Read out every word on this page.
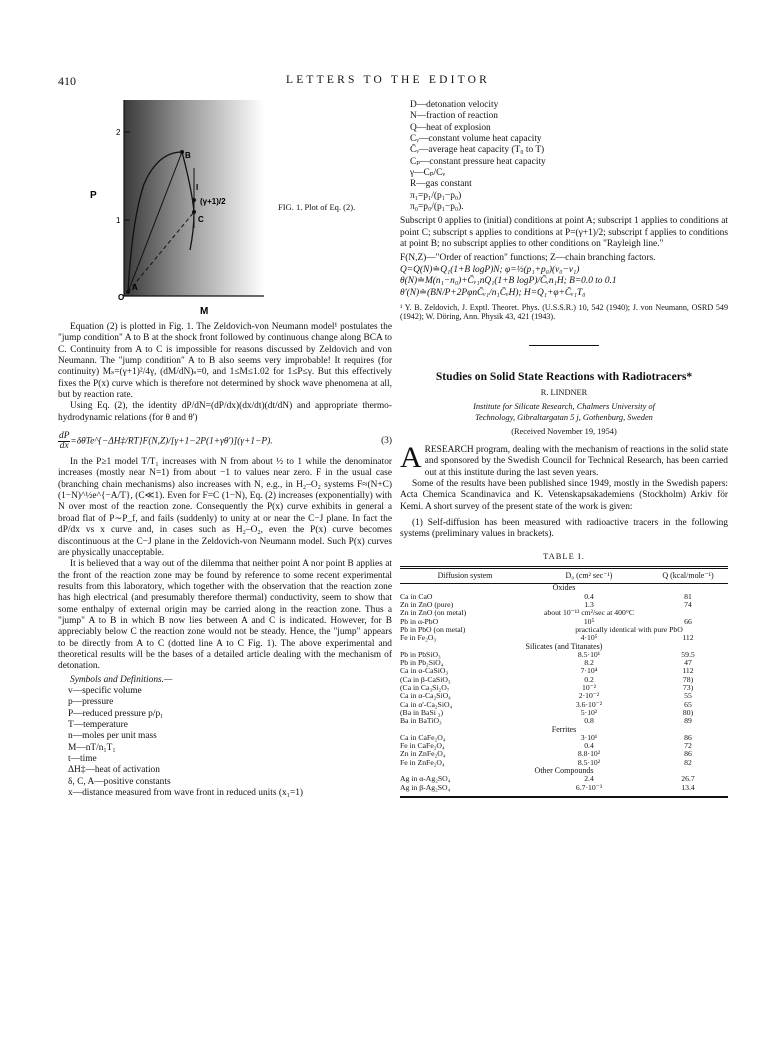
410	LETTERS TO THE EDITOR
P
M
2
1
B
C
A
O
I
(γ+1)/2
FIG. 1. Plot of Eq. (2).

Equation (2) is plotted in Fig. 1. The Zeldovich-von Neumann model¹ postulates the "jump condition" A to B at the shock front followed by continuous change along BCA to C. Continuity from A to C is impossible for reasons discussed by Zeldovich and von Neumann. The "jump condition" A to B also seems very improbable! It requires (for continuity) Mₛ=(γ+1)²/4γ, (dM/dN)ₛ=0, and 1≤M≤1.02 for 1≤P≤γ. But this effectively fixes the P(x) curve which is therefore not determined by shock wave phenomena at all, but by reaction rate.

Using Eq. (2), the identity dP/dN=(dP/dx)(dx/dt)(dt/dN) and appropriate thermo-hydrodynamic relations (for θ and θ')

$\frac{dP}{dx}$ =δθTe^{−ΔH‡/RT}F(N,Z)/[γ+1−2P(1+γθ')](γ+1−P).	(3)

In the P≥1 model T/T₁ increases with N from about ½ to 1 while the denominator increases (mostly near N=1) from about −1 to values near zero. F in the usual case (branching chain mechanisms) also increases with N, e.g., in H₂–O₂ systems F≈(N+C)(1−N)^½e^{−A/T}, (C≪1). Even for F=C (1−N), Eq. (2) increases (exponentially) with N over most of the reaction zone. Consequently the P(x) curve exhibits in general a broad flat of P∼P_f, and fails (suddenly) to unity at or near the C−J plane. In fact the dP/dx vs x curve and, in cases such as H₂–O₂, even the P(x) curve becomes discontinuous at the C−J plane in the Zeldovich-von Neumann model. Such P(x) curves are physically unacceptable.

It is believed that a way out of the dilemma that neither point A nor point B applies at the front of the reaction zone may be found by reference to some recent experimental results from this laboratory, which together with the observation that the reaction zone has high electrical (and presumably therefore thermal) conductivity, seem to show that some enthalpy of external origin may be carried along in the reaction zone. Thus a "jump" A to B in which B now lies between A and C is indicated. However, for B appreciably below C the reaction zone would not be steady. Hence, the "jump" appears to be directly from A to C (dotted line A to C Fig. 1). The above experimental and theoretical results will be the bases of a detailed article dealing with the mechanism of detonation.

Symbols and Definitions.—

v—specific volume
p—pressure
P—reduced pressure p/p₁
T—temperature
n—moles per unit mass
M—nT/n₁T₁
t—time
ΔH‡—heat of activation
δ, C, A—positive constants
x—distance measured from wave front in reduced units (x₁=1)
D—detonation velocity
N—fraction of reaction
Q—heat of explosion
Cᵥ—constant volume heat capacity
C̄ᵥ—average heat capacity (T₀ to T)
Cₚ—constant pressure heat capacity
γ—Cₚ/Cᵥ
R—gas constant
π₁=p₁/(p₁−p₀)
π₀=p₀/(p₁−p₀).

Subscript 0 applies to (initial) conditions at point A; subscript 1 applies to conditions at point C; subscript s applies to conditions at P=(γ+1)/2; subscript f applies to conditions at point B; no subscript applies to other conditions on "Rayleigh line."

F(N,Z)—"Order of reaction" functions; Z—chain branching factors.

Q=Q(N)≐Q₁(1+B logP)N; φ=½(p₁+p₀)(v₀−v₁)

θ(N)≐M(n₁−n₀)+C̄ᵥ₁nQ₁(1+B logP)/C̄ᵥn₁H; B=0.0 to 0.1

θ'(N)≐(BN/P+2PφnC̄ᵥ₁/n₁C̄ᵥH); H=Q₁+φ+C̄ᵥ₁T₀

¹ Y. B. Zeldovich, J. Exptl. Theoret. Phys. (U.S.S.R.) 10, 542 (1940); J. von Neumann, OSRD 549 (1942); W. Döring, Ann. Physik 43, 421 (1943).

Studies on Solid State Reactions with Radiotracers*
R. LINDNER
Institute for Silicate Research, Chalmers University of
Technology, Gibraltargatan 5 j, Gothenburg, Sweden
(Received November 19, 1954)

ARESEARCH program, dealing with the mechanism of reactions in the solid state and sponsored by the Swedish Council for Technical Research, has been carried out at this institute during the last seven years.

Some of the results have been published since 1949, mostly in the Swedish papers: Acta Chemica Scandinavica and K. Vetenskapsakademiens (Stockholm) Arkiv för Kemi. A short survey of the present state of the work is given:

(1) Self-diffusion has been measured with radioactive tracers in the following systems (preliminary values in brackets).

TABLE I.
Diffusion system	D₀ (cm² sec⁻¹)	Q (kcal/mole⁻¹)
Oxides		
Ca in CaO	0.4	81
Zn in ZnO (pure)	1.3	74
Zn in ZnO (on metal)	about 10⁻¹³ cm²/sec at 400°C	
Pb in α-PbO	10⁵	66
Pb in PbO (on metal)	practically identical with pure PbO	
Fe in Fe₂O₃	4·10⁵	112
Silicates (and Titanates)		
Pb in PbSiO₃	8.5·10¹	59.5
Pb in Pb₂SiO₄	8.2	47
Ca in α-CaSiO₃	7·10⁴	112
(Ca in β-CaSiO₃	0.2	78)
(Ca in Ca₃Si₂O₇	10⁻²	73)
Ca in α-Ca₂SiO₄	2·10⁻²	55
Ca in α'-Ca₂SiO₄	3.6·10⁻²	65
(Ba in BaSi ₃)	5·10²	80)
Ba in BaTiO₃	0.8	89
Ferrites		
Ca in CaFe₂O₄	3·10¹	86
Fe in CaFe₂O₄	0.4	72
Zn in ZnFe₂O₄	8.8·10²	86
Fe in ZnFe₂O₄	8.5·10²	82
Other Compounds		
Ag in α-Ag₂SO₄	2.4	26.7
Ag in β-Ag₂SO₄	6.7·10⁻³	13.4
